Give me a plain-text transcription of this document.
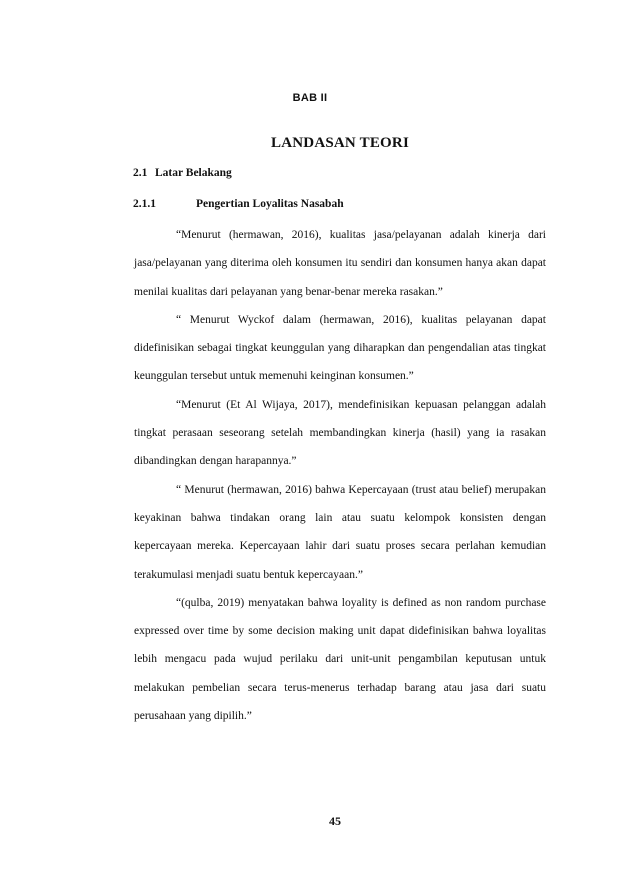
BAB II
LANDASAN TEORI
2.1 Latar Belakang
2.1.1	Pengertian Loyalitas Nasabah

“Menurut (hermawan, 2016), kualitas jasa/pelayanan adalah kinerja dari jasa/pelayanan yang diterima oleh konsumen itu sendiri dan konsumen hanya akan dapat menilai kualitas dari pelayanan yang benar-benar mereka rasakan.”

“ Menurut Wyckof dalam (hermawan, 2016), kualitas pelayanan dapat didefinisikan sebagai tingkat keunggulan yang diharapkan dan pengendalian atas tingkat keunggulan tersebut untuk memenuhi keinginan konsumen.”

“Menurut (Et Al Wijaya, 2017), mendefinisikan kepuasan pelanggan adalah tingkat perasaan seseorang setelah membandingkan kinerja (hasil) yang ia rasakan dibandingkan dengan harapannya.”

“ Menurut (hermawan, 2016) bahwa Kepercayaan (trust atau belief) merupakan keyakinan bahwa tindakan orang lain atau suatu kelompok konsisten dengan kepercayaan mereka. Kepercayaan lahir dari suatu proses secara perlahan kemudian terakumulasi menjadi suatu bentuk kepercayaan.”

“(qulba, 2019) menyatakan bahwa loyality is defined as non random purchase expressed over time by some decision making unit dapat didefinisikan bahwa loyalitas lebih mengacu pada wujud perilaku dari unit-unit pengambilan keputusan untuk melakukan pembelian secara terus-menerus terhadap barang atau jasa dari suatu perusahaan yang dipilih.”

45
